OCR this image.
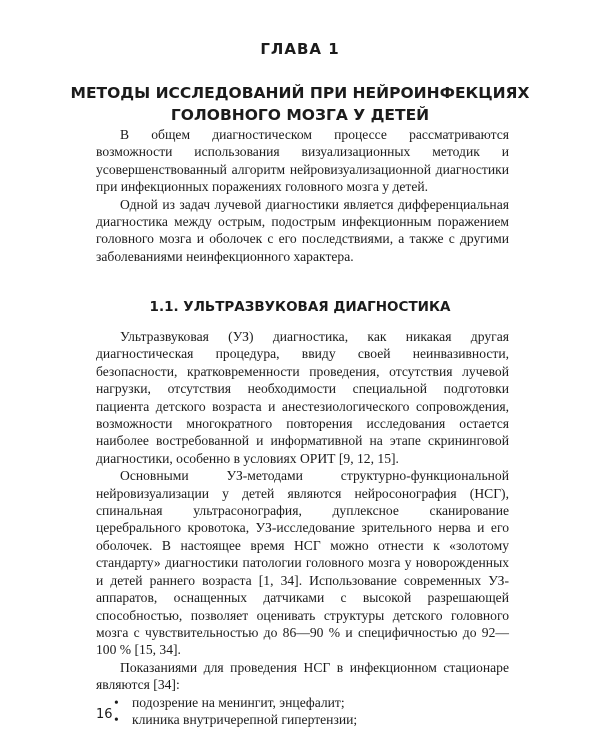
ГЛАВА 1
МЕТОДЫ ИССЛЕДОВАНИЙ ПРИ НЕЙРОИНФЕКЦИЯХ
ГОЛОВНОГО МОЗГА У ДЕТЕЙ

В общем диагностическом процессе рассматриваются возможности использования визуализационных методик и усовершенствованный алгоритм нейровизуализационной диагностики при инфекционных поражениях головного мозга у детей.

Одной из задач лучевой диагностики является дифференциальная диагностика между острым, подострым инфекционным поражением головного мозга и оболочек с его последствиями, а также с другими заболеваниями неинфекционного характера.

1.1. УЛЬТРАЗВУКОВАЯ ДИАГНОСТИКА

Ультразвуковая (УЗ) диагностика, как никакая другая диагностическая процедура, ввиду своей неинвазивности, безопасности, кратковременности проведения, отсутствия лучевой нагрузки, отсутствия необходимости специальной подготовки пациента детского возраста и анестезиологического сопровождения, возможности многократного повторения исследования остается наиболее востребованной и информативной на этапе скрининговой диагностики, особенно в условиях ОРИТ [9, 12, 15].

Основными УЗ-методами структурно-функциональной нейровизуализации у детей являются нейросонография (НСГ), спинальная ультрасонография, дуплексное сканирование церебрального кровотока, УЗ-исследование зрительного нерва и его оболочек. В настоящее время НСГ можно отнести к «золотому стандарту» диагностики патологии головного мозга у новорожденных и детей раннего возраста [1, 34]. Использование современных УЗ-аппаратов, оснащенных датчиками с высокой разрешающей способностью, позволяет оценивать структуры детского головного мозга с чувствительностью до 86—90 % и специфичностью до 92—100 % [15, 34].

Показаниями для проведения НСГ в инфекционном стационаре являются [34]:

• подозрение на менингит, энцефалит;
• клиника внутричерепной гипертензии;
16
